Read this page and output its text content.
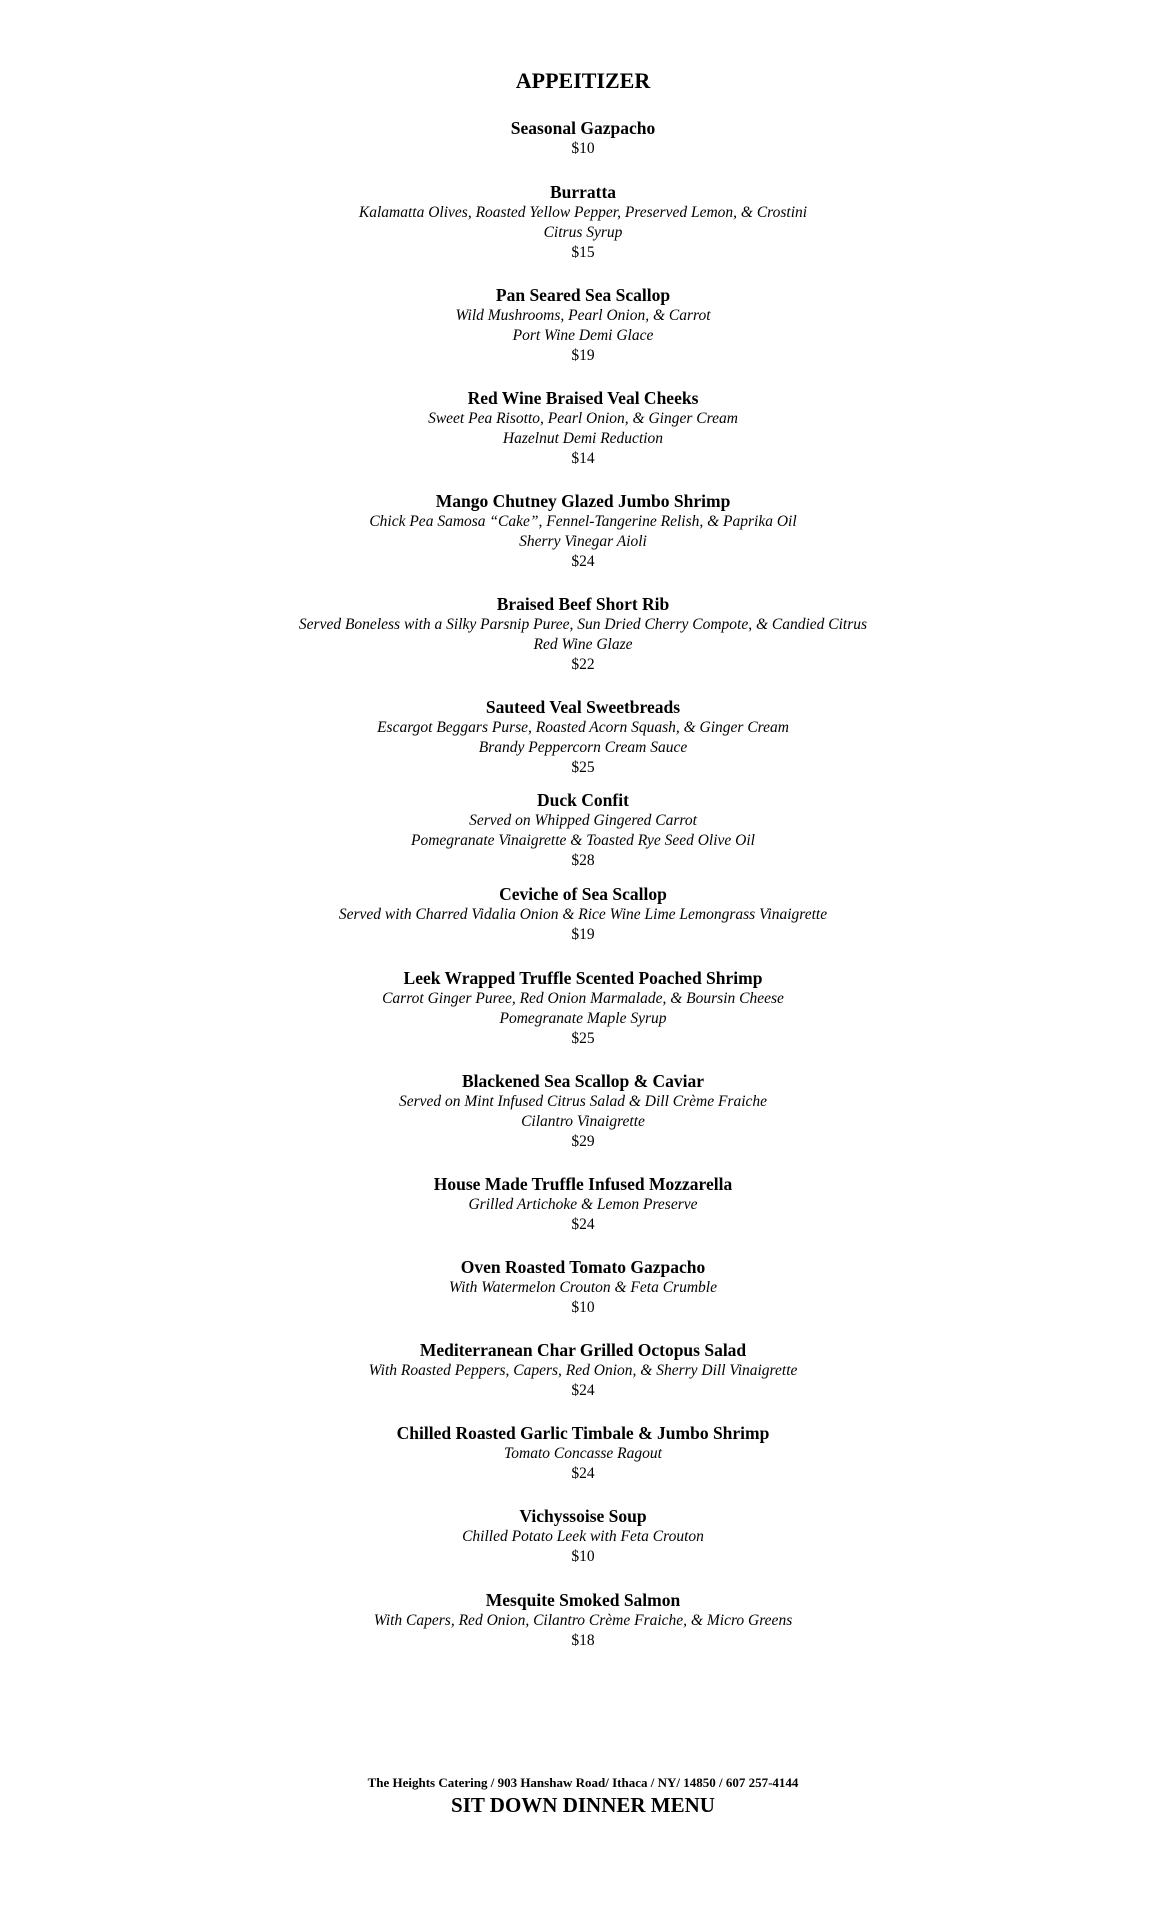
APPEITIZER
Seasonal Gazpacho
$10
Burratta
Kalamatta Olives, Roasted Yellow Pepper, Preserved Lemon, & Crostini
Citrus Syrup
$15
Pan Seared Sea Scallop
Wild Mushrooms, Pearl Onion, & Carrot
Port Wine Demi Glace
$19
Red Wine Braised Veal Cheeks
Sweet Pea Risotto, Pearl Onion, & Ginger Cream
Hazelnut Demi Reduction
$14
Mango Chutney Glazed Jumbo Shrimp
Chick Pea Samosa “Cake”, Fennel-Tangerine Relish, & Paprika Oil
Sherry Vinegar Aioli
$24
Braised Beef Short Rib
Served Boneless with a Silky Parsnip Puree, Sun Dried Cherry Compote, & Candied Citrus
Red Wine Glaze
$22
Sauteed Veal Sweetbreads
Escargot Beggars Purse, Roasted Acorn Squash, & Ginger Cream
Brandy Peppercorn Cream Sauce
$25
Duck Confit
Served on Whipped Gingered Carrot
Pomegranate Vinaigrette & Toasted Rye Seed Olive Oil
$28
Ceviche of Sea Scallop
Served with Charred Vidalia Onion & Rice Wine Lime Lemongrass Vinaigrette
$19
Leek Wrapped Truffle Scented Poached Shrimp
Carrot Ginger Puree, Red Onion Marmalade, & Boursin Cheese
Pomegranate Maple Syrup
$25
Blackened Sea Scallop & Caviar
Served on Mint Infused Citrus Salad & Dill Crème Fraiche
Cilantro Vinaigrette
$29
House Made Truffle Infused Mozzarella
Grilled Artichoke & Lemon Preserve
$24
Oven Roasted Tomato Gazpacho
With Watermelon Crouton & Feta Crumble
$10
Mediterranean Char Grilled Octopus Salad
With Roasted Peppers, Capers, Red Onion, & Sherry Dill Vinaigrette
$24
Chilled Roasted Garlic Timbale & Jumbo Shrimp
Tomato Concasse Ragout
$24
Vichyssoise Soup
Chilled Potato Leek with Feta Crouton
$10
Mesquite Smoked Salmon
With Capers, Red Onion, Cilantro Crème Fraiche, & Micro Greens
$18
The Heights Catering / 903 Hanshaw Road/ Ithaca / NY/ 14850 / 607 257-4144
SIT DOWN DINNER MENU
